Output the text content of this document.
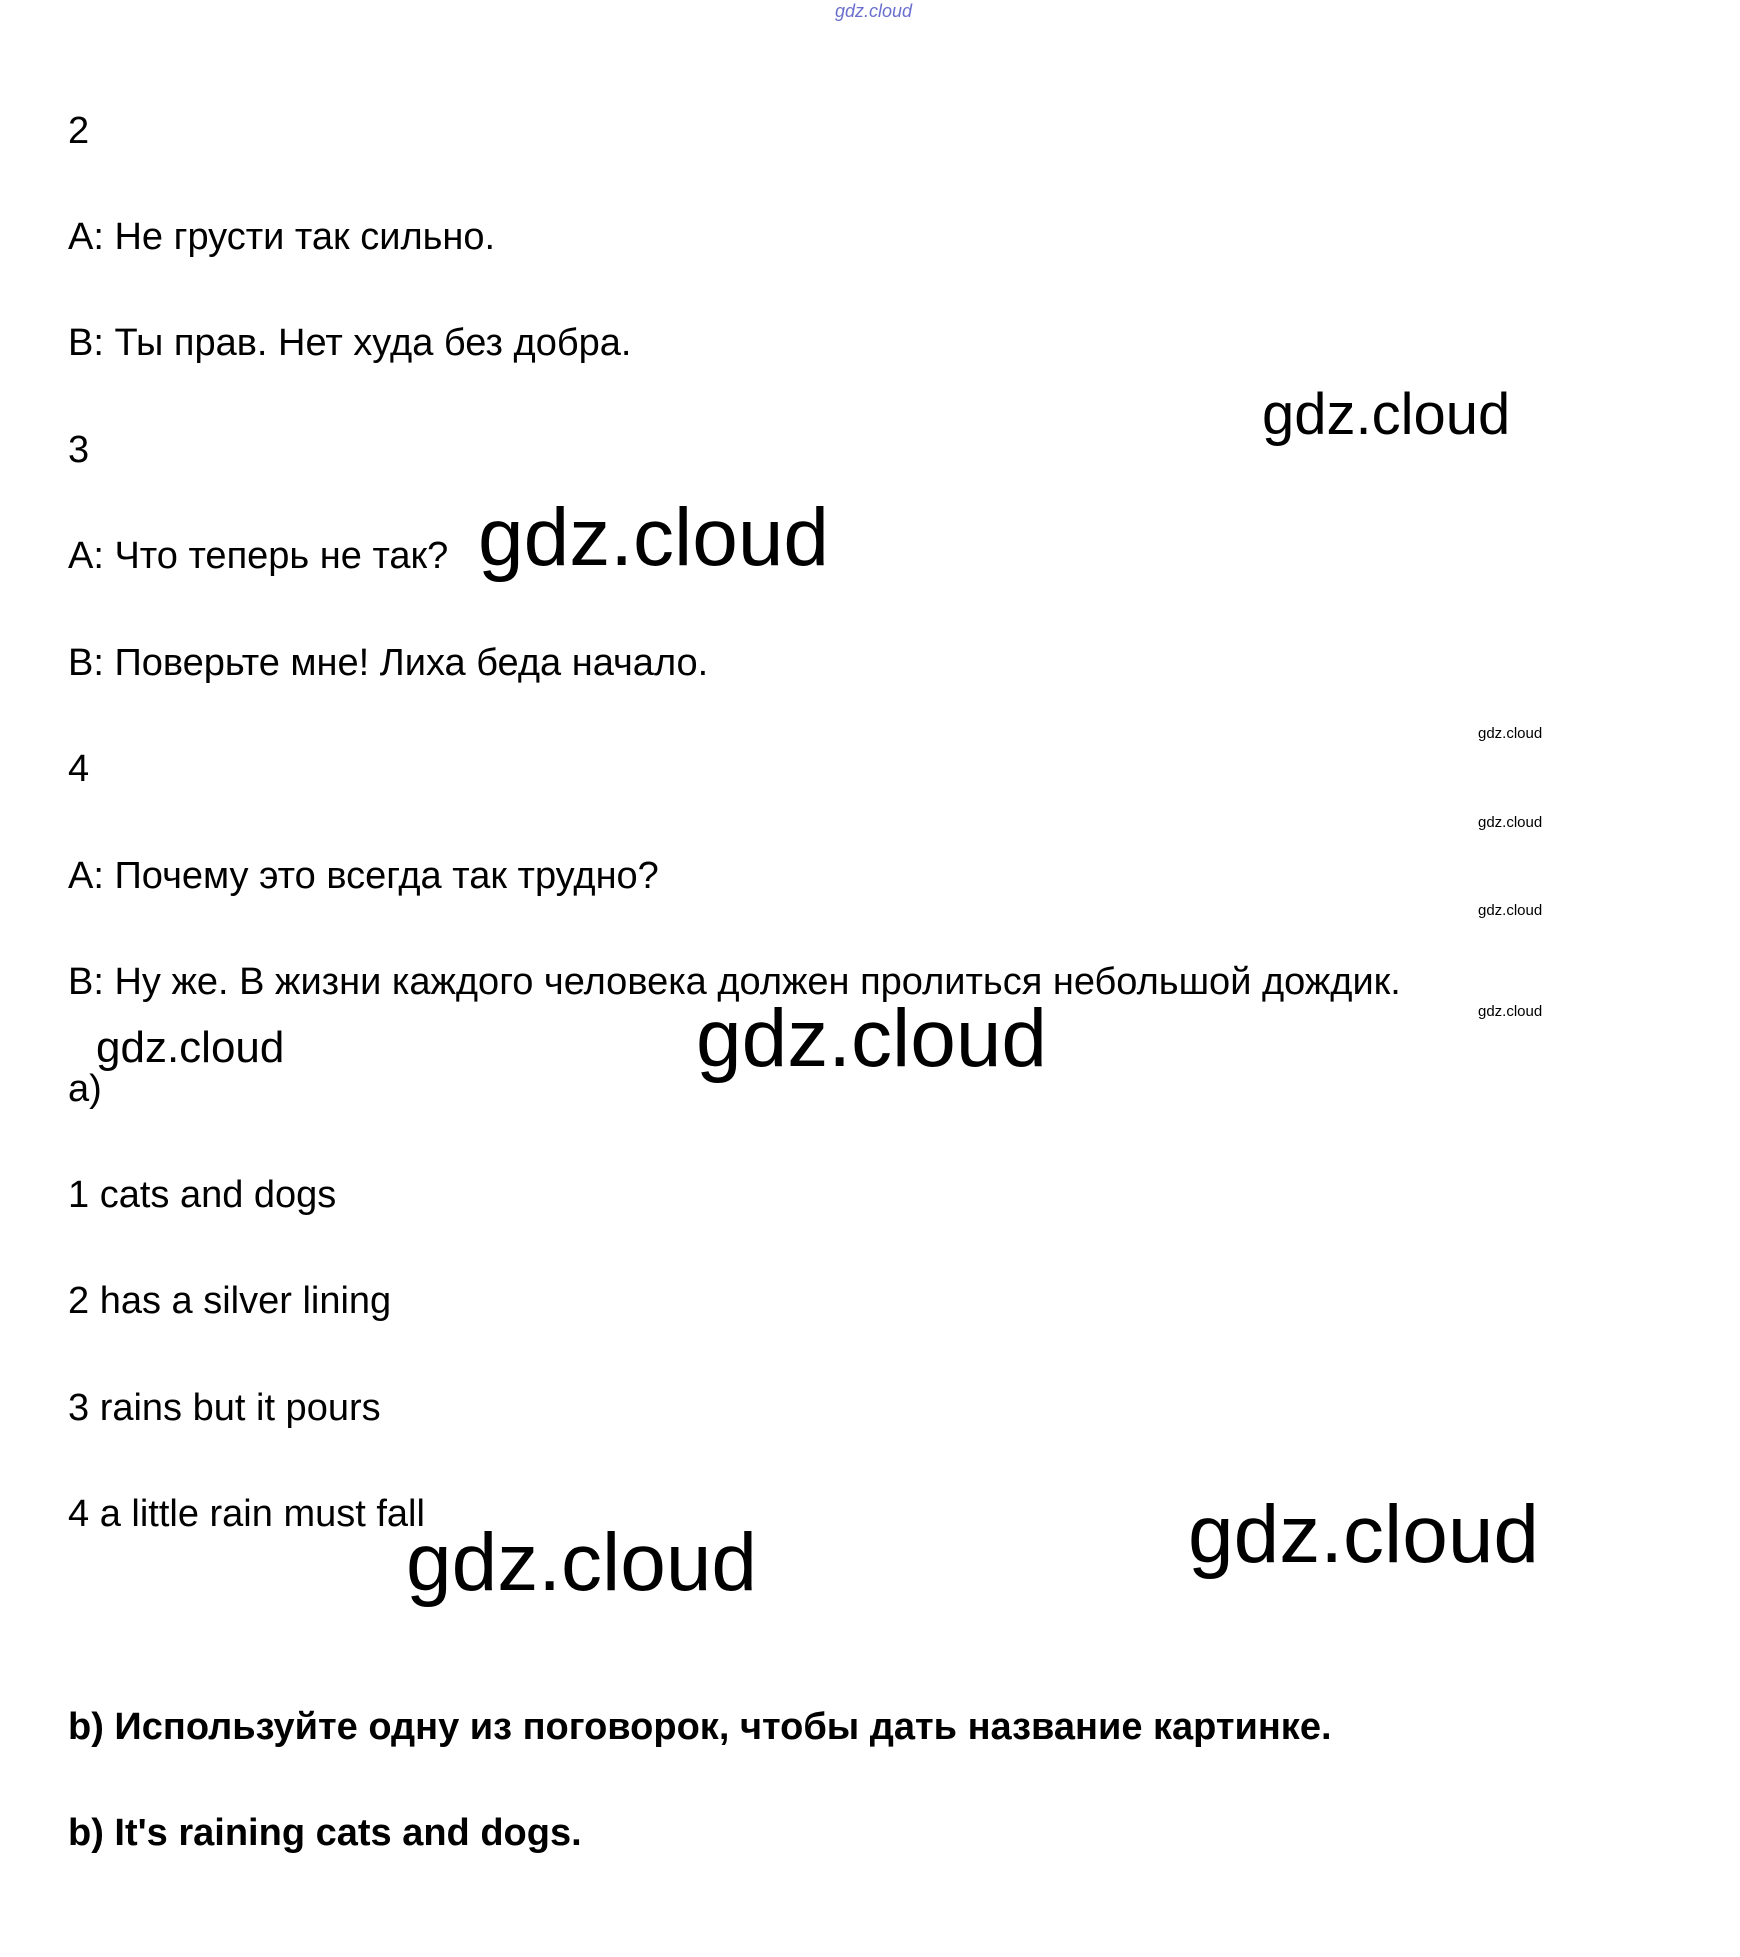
gdz.cloud
gdz.cloud
gdz.cloud
gdz.cloud
gdz.cloud
gdz.cloud
gdz.cloud
gdz.cloud	gdz.cloud
gdz.cloud	gdz.cloud
2
A: Не грусти так сильно.
B: Ты прав. Нет худа без добра.
3
A: Что теперь не так?
B: Поверьте мне! Лиха беда начало.
4
A: Почему это всегда так трудно?
B: Ну же. В жизни каждого человека должен пролиться небольшой дождик.
a)
1 cats and dogs
2 has a silver lining
3 rains but it pours
4 a little rain must fall
b) Используйте одну из поговорок, чтобы дать название картинке.
b) It's raining cats and dogs.
